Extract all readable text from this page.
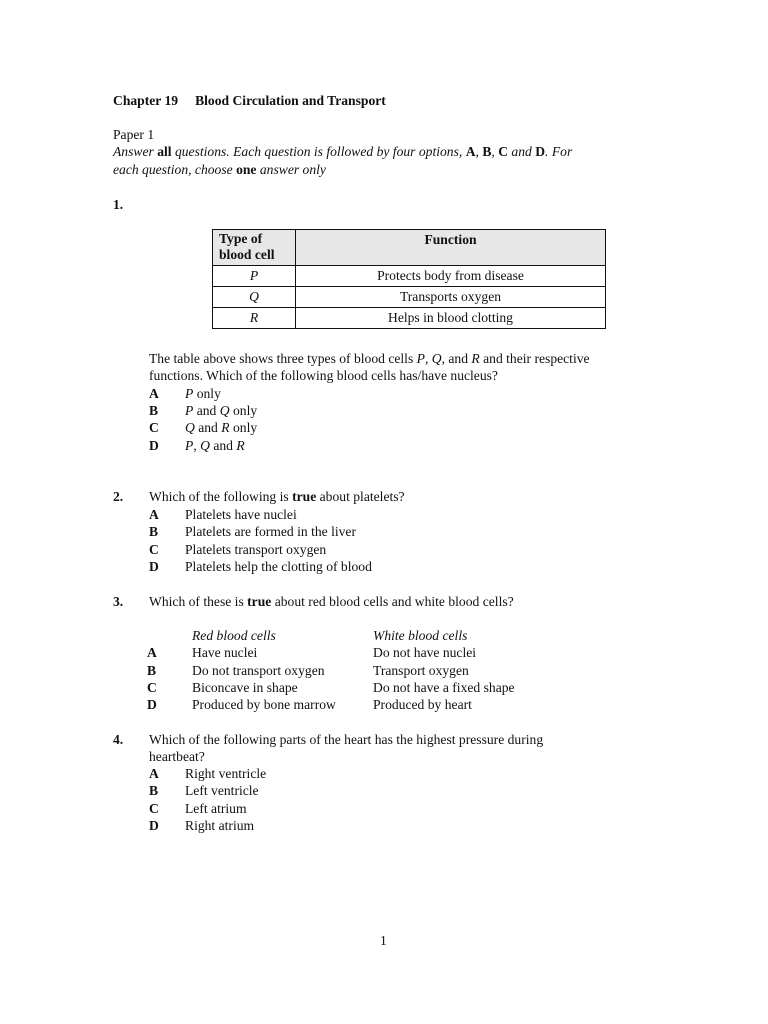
Chapter 19 Blood Circulation and Transport
Paper 1
Answer all questions. Each question is followed by four options, A, B, C and D. For
each question, choose one answer only
1.
Type of
blood cell	Function
P	Protects body from disease
Q	Transports oxygen
R	Helps in blood clotting
The table above shows three types of blood cells P, Q, and R and their respective
functions. Which of the following blood cells has/have nucleus?
A P only
B P and Q only
C Q and R only
D P, Q and R
2. Which of the following is true about platelets?
A Platelets have nuclei
B Platelets are formed in the liver
C Platelets transport oxygen
D Platelets help the clotting of blood
3. Which of these is true about red blood cells and white blood cells?
Red blood cells	White blood cells
A	Have nuclei	Do not have nuclei
B	Do not transport oxygen	Transport oxygen
C	Biconcave in shape	Do not have a fixed shape
D	Produced by bone marrow	Produced by heart
4. Which of the following parts of the heart has the highest pressure during
heartbeat?
A Right ventricle
B Left ventricle
C Left atrium
D Right atrium
1
